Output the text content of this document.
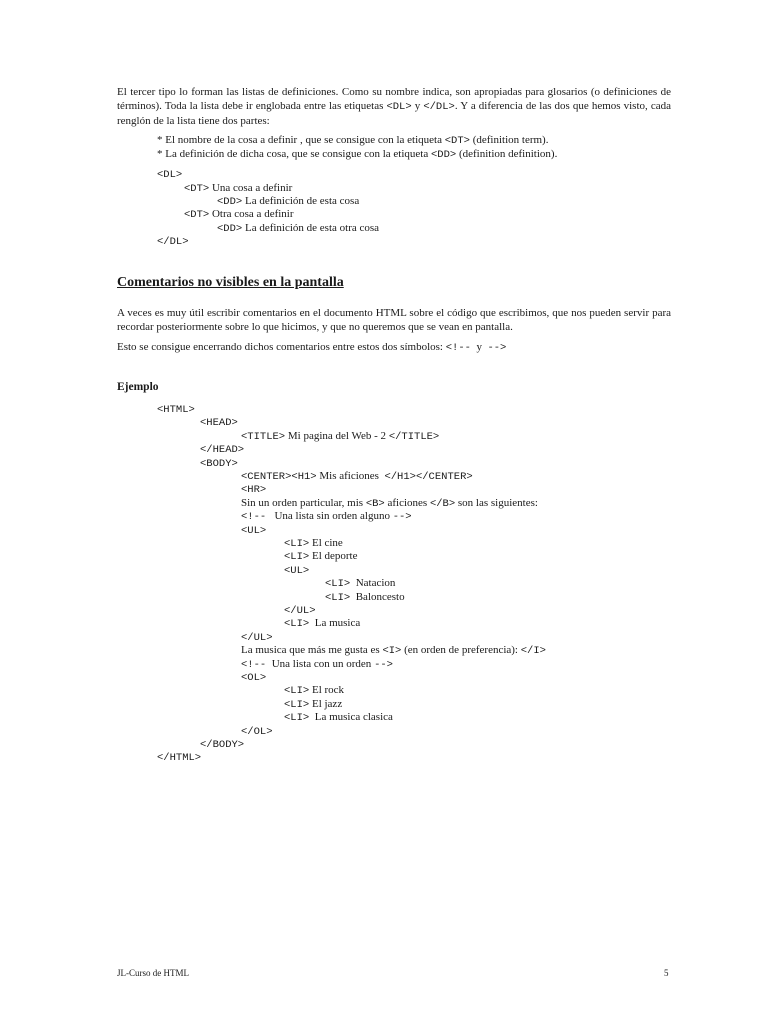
El tercer tipo lo forman las listas de definiciones. Como su nombre indica, son apropiadas para glosarios (o definiciones de términos). Toda la lista debe ir englobada entre las etiquetas <DL> y </DL>. Y a diferencia de las dos que hemos visto, cada renglón de la lista tiene dos partes:

* El nombre de la cosa a definir , que se consigue con la etiqueta <DT> (definition term).
* La definición de dicha cosa, que se consigue con la etiqueta <DD> (definition definition).
<DL>
<DT> Una cosa a definir
<DD> La definición de esta cosa
<DT> Otra cosa a definir
<DD> La definición de esta otra cosa
</DL>
Comentarios no visibles en la pantalla

A veces es muy útil escribir comentarios en el documento HTML sobre el código que escribimos, que nos pueden servir para recordar posteriormente sobre lo que hicimos, y que no queremos que se vean en pantalla.

Esto se consigue encerrando dichos comentarios entre estos dos símbolos: <!--  y  -->
Ejemplo
<HTML>
<HEAD>
<TITLE> Mi pagina del Web - 2 </TITLE>
</HEAD>
<BODY>
<CENTER><H1> Mis aficiones  </H1></CENTER>
<HR>
Sin un orden particular, mis <B> aficiones </B> son las siguientes:
<!--   Una lista sin orden alguno -->
<UL>
<LI> El cine
<LI> El deporte
<UL>
<LI>  Natacion
<LI>  Baloncesto
</UL>
<LI>  La musica
</UL>
La musica que más me gusta es <I> (en orden de preferencia): </I>
<!--  Una lista con un orden -->
<OL>
<LI> El rock
<LI> El jazz
<LI>  La musica clasica
</OL>
</BODY>
</HTML>
JL-Curso de HTML	5
